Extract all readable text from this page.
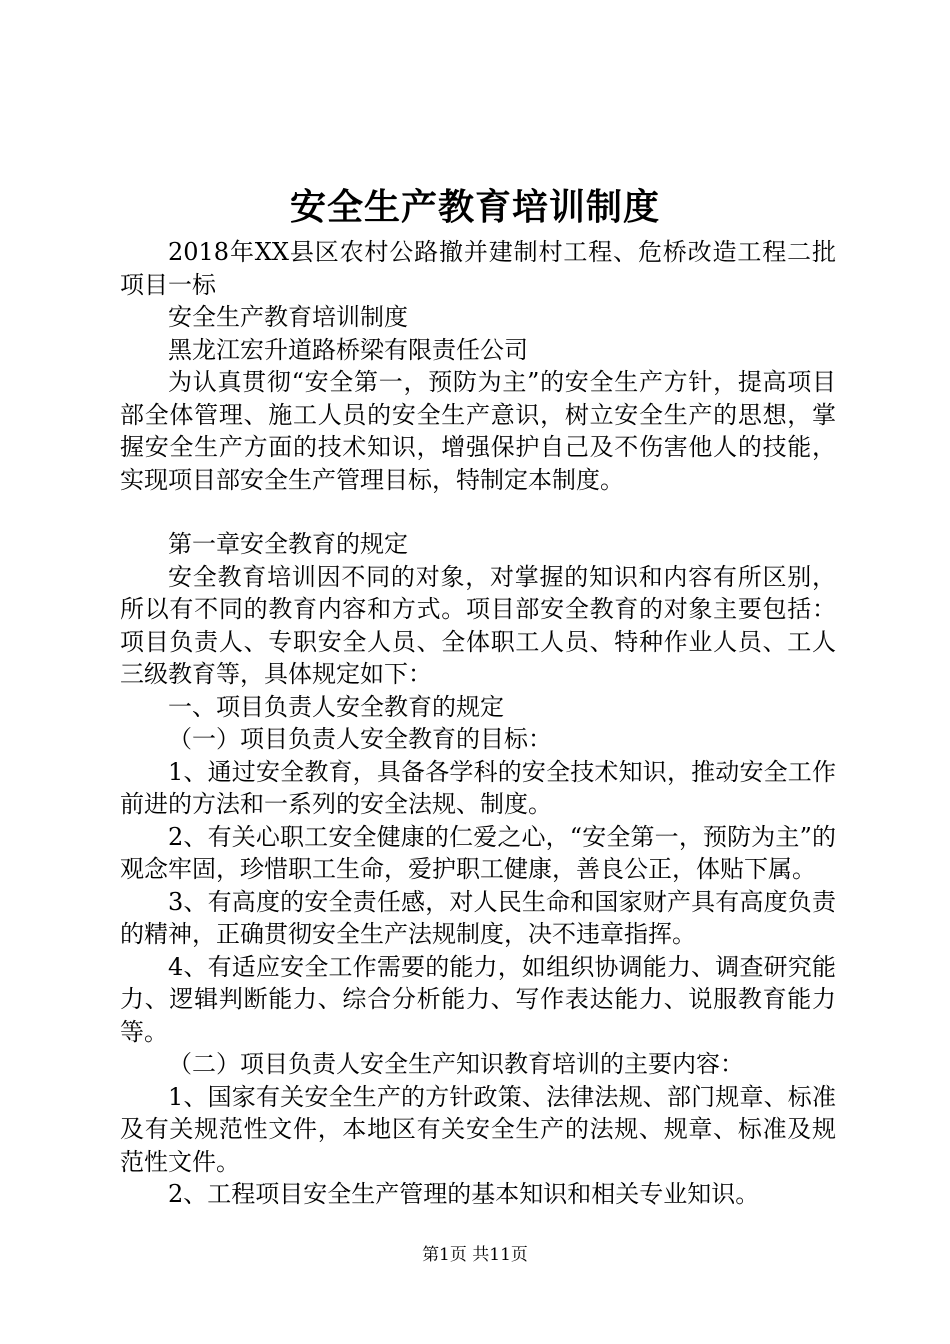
安全生产教育培训制度

2018年XX县区农村公路撤并建制村工程、危桥改造工程二批项目一标

安全生产教育培训制度

黑龙江宏升道路桥梁有限责任公司

为认真贯彻“安全第一，预防为主”的安全生产方针，提高项目部全体管理、施工人员的安全生产意识，树立安全生产的思想，掌握安全生产方面的技术知识，增强保护自己及不伤害他人的技能，实现项目部安全生产管理目标，特制定本制度。

第一章安全教育的规定

安全教育培训因不同的对象，对掌握的知识和内容有所区别，所以有不同的教育内容和方式。项目部安全教育的对象主要包括：项目负责人、专职安全人员、全体职工人员、特种作业人员、工人三级教育等，具体规定如下：

一、项目负责人安全教育的规定

（一）项目负责人安全教育的目标：

1、通过安全教育，具备各学科的安全技术知识，推动安全工作前进的方法和一系列的安全法规、制度。

2、有关心职工安全健康的仁爱之心，“安全第一，预防为主”的观念牢固，珍惜职工生命，爱护职工健康，善良公正，体贴下属。

3、有高度的安全责任感，对人民生命和国家财产具有高度负责的精神，正确贯彻安全生产法规制度，决不违章指挥。

4、有适应安全工作需要的能力，如组织协调能力、调查研究能力、逻辑判断能力、综合分析能力、写作表达能力、说服教育能力等。

（二）项目负责人安全生产知识教育培训的主要内容：

1、国家有关安全生产的方针政策、法律法规、部门规章、标准及有关规范性文件，本地区有关安全生产的法规、规章、标准及规范性文件。

2、工程项目安全生产管理的基本知识和相关专业知识。

第1页 共11页
